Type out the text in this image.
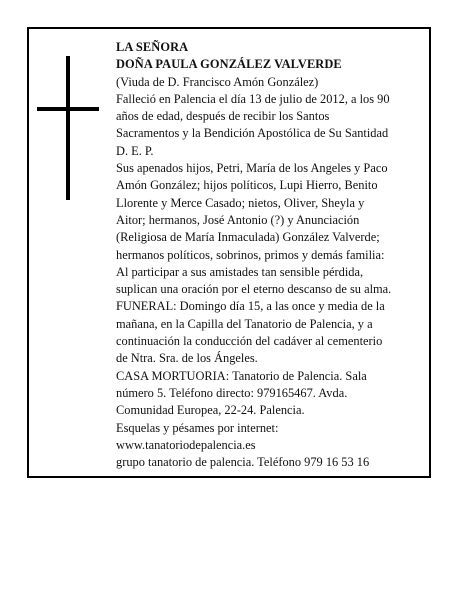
LA SEÑORA
DOÑA PAULA GONZÁLEZ VALVERDE
(Viuda de D. Francisco Amón González)
Falleció en Palencia el día 13 de julio de 2012, a los 90
años de edad, después de recibir los Santos
Sacramentos y la Bendición Apostólica de Su Santidad
D. E. P.
Sus apenados hijos, Petri, María de los Angeles y Paco
Amón González; hijos políticos, Lupi Hierro, Benito
Llorente y Merce Casado; nietos, Oliver, Sheyla y
Aitor; hermanos, José Antonio (?) y Anunciación
(Religiosa de María Inmaculada) González Valverde;
hermanos políticos, sobrinos, primos y demás familia:
Al participar a sus amistades tan sensible pérdida,
suplican una oración por el eterno descanso de su alma.
FUNERAL: Domingo día 15, a las once y media de la
mañana, en la Capilla del Tanatorio de Palencia, y a
continuación la conducción del cadáver al cementerio
de Ntra. Sra. de los Ángeles.
CASA MORTUORIA: Tanatorio de Palencia. Sala
número 5. Teléfono directo: 979165467. Avda.
Comunidad Europea, 22-24. Palencia.
Esquelas y pésames por internet:
www.tanatoriodepalencia.es
grupo tanatorio de palencia. Teléfono 979 16 53 16
